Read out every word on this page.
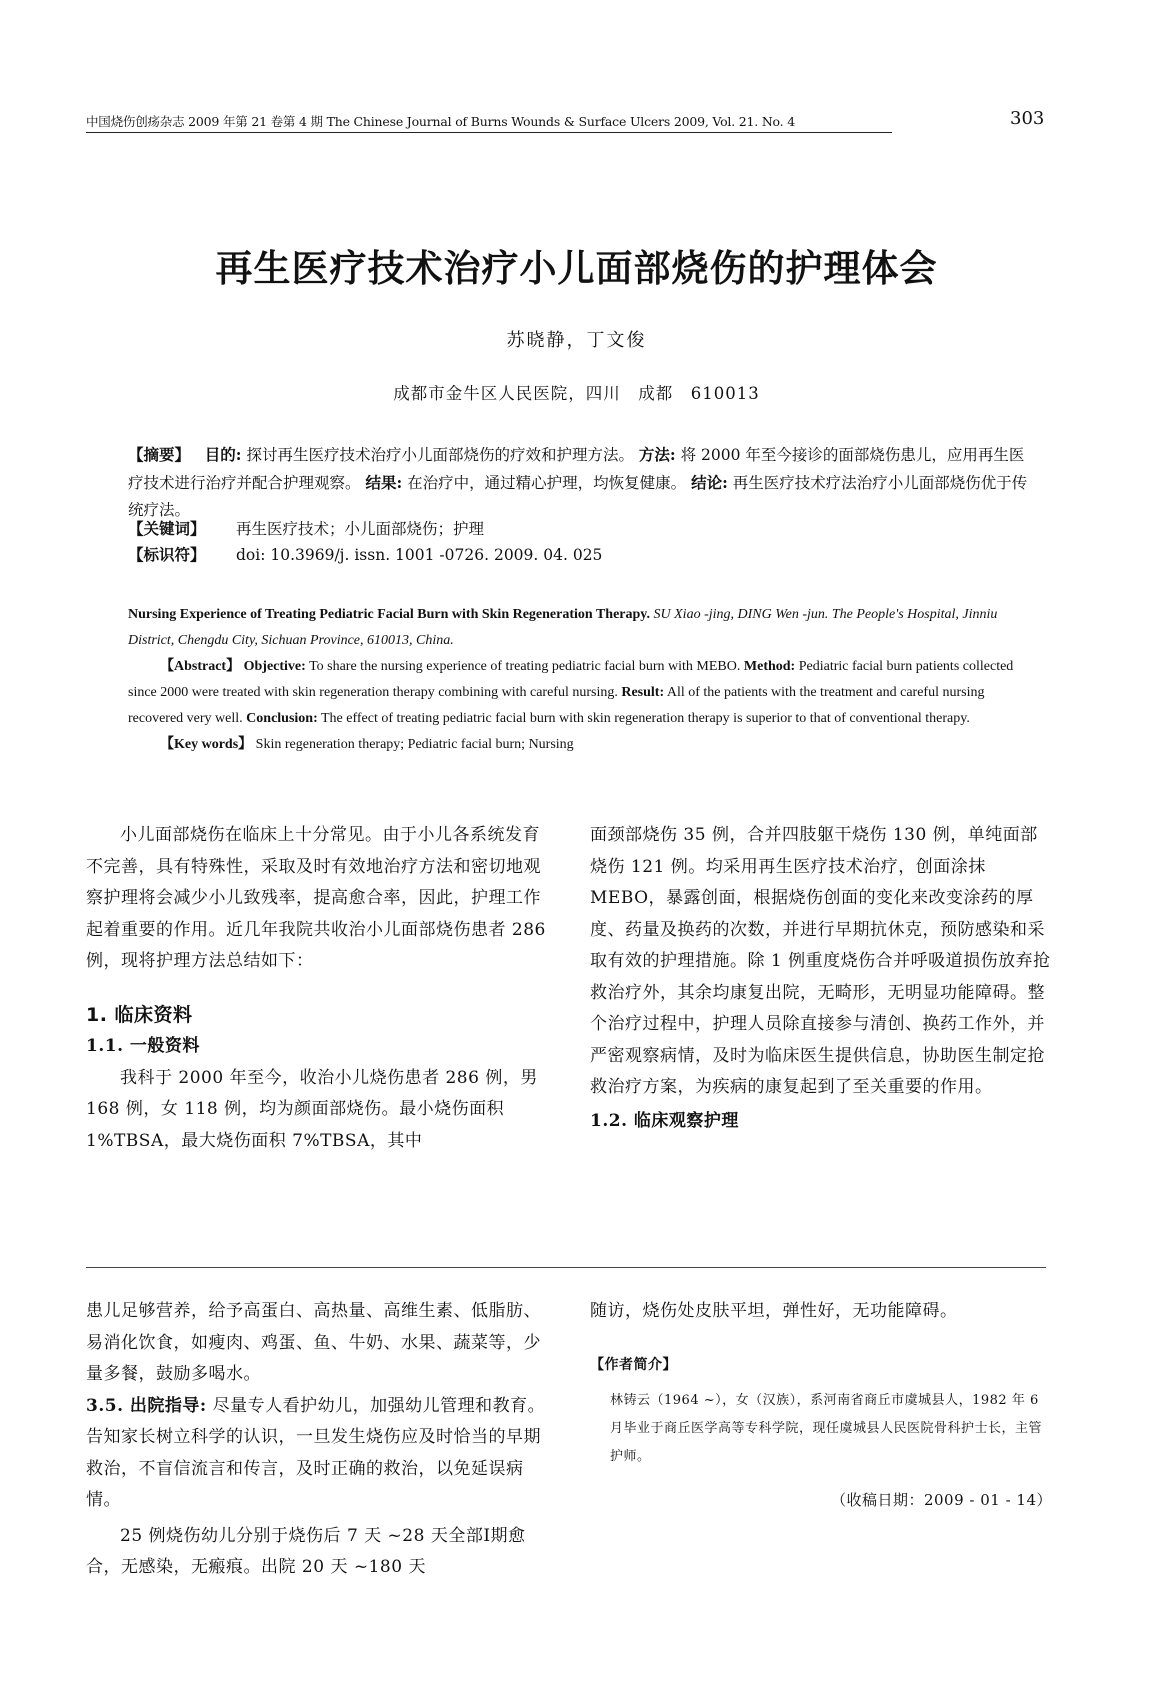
中国烧伤创疡杂志 2009 年第 21 卷第 4 期 The Chinese Journal of Burns Wounds & Surface Ulcers 2009, Vol. 21. No. 4	303
再生医疗技术治疗小儿面部烧伤的护理体会
苏晓静，丁文俊
成都市金牛区人民医院，四川　成都　610013
【摘要】 目的: 探讨再生医疗技术治疗小儿面部烧伤的疗效和护理方法。 方法: 将 2000 年至今接诊的面部烧伤患儿，应用再生医疗技术进行治疗并配合护理观察。 结果: 在治疗中，通过精心护理，均恢复健康。 结论: 再生医疗技术疗法治疗小儿面部烧伤优于传统疗法。
【关键词】 再生医疗技术；小儿面部烧伤；护理
【标识符】 doi: 10.3969/j. issn. 1001 -0726. 2009. 04. 025
Nursing Experience of Treating Pediatric Facial Burn with Skin Regeneration Therapy. SU Xiao -jing, DING Wen -jun. The People's Hospital, Jinniu District, Chengdu City, Sichuan Province, 610013, China.
【Abstract】 Objective: To share the nursing experience of treating pediatric facial burn with MEBO. Method: Pediatric facial burn patients collected since 2000 were treated with skin regeneration therapy combining with careful nursing. Result: All of the patients with the treatment and careful nursing recovered very well. Conclusion: The effect of treating pediatric facial burn with skin regeneration therapy is superior to that of conventional therapy.
【Key words】 Skin regeneration therapy; Pediatric facial burn; Nursing

小儿面部烧伤在临床上十分常见。由于小儿各系统发育不完善，具有特殊性，采取及时有效地治疗方法和密切地观察护理将会减少小儿致残率，提高愈合率，因此，护理工作起着重要的作用。近几年我院共收治小儿面部烧伤患者 286 例，现将护理方法总结如下：

1. 临床资料
1.1. 一般资料

我科于 2000 年至今，收治小儿烧伤患者 286 例，男 168 例，女 118 例，均为颜面部烧伤。最小烧伤面积 1%TBSA，最大烧伤面积 7%TBSA，其中

面颈部烧伤 35 例，合并四肢躯干烧伤 130 例，单纯面部烧伤 121 例。均采用再生医疗技术治疗，创面涂抹 MEBO，暴露创面，根据烧伤创面的变化来改变涂药的厚度、药量及换药的次数，并进行早期抗休克，预防感染和采取有效的护理措施。除 1 例重度烧伤合并呼吸道损伤放弃抢救治疗外，其余均康复出院，无畸形，无明显功能障碍。整个治疗过程中，护理人员除直接参与清创、换药工作外，并严密观察病情，及时为临床医生提供信息，协助医生制定抢救治疗方案，为疾病的康复起到了至关重要的作用。

1.2. 临床观察护理

患儿足够营养，给予高蛋白、高热量、高维生素、低脂肪、易消化饮食，如瘦肉、鸡蛋、鱼、牛奶、水果、蔬菜等，少量多餐，鼓励多喝水。

3.5. 出院指导: 尽量专人看护幼儿，加强幼儿管理和教育。告知家长树立科学的认识，一旦发生烧伤应及时恰当的早期救治，不盲信流言和传言，及时正确的救治，以免延误病情。

25 例烧伤幼儿分别于烧伤后 7 天 ~28 天全部Ⅰ期愈合，无感染，无瘢痕。出院 20 天 ~180 天

随访，烧伤处皮肤平坦，弹性好，无功能障碍。

【作者简介】
林铸云（1964 ~），女（汉族），系河南省商丘市虞城县人，1982 年 6 月毕业于商丘医学高等专科学院，现任虞城县人民医院骨科护士长，主管护师。
（收稿日期：2009 - 01 - 14）
